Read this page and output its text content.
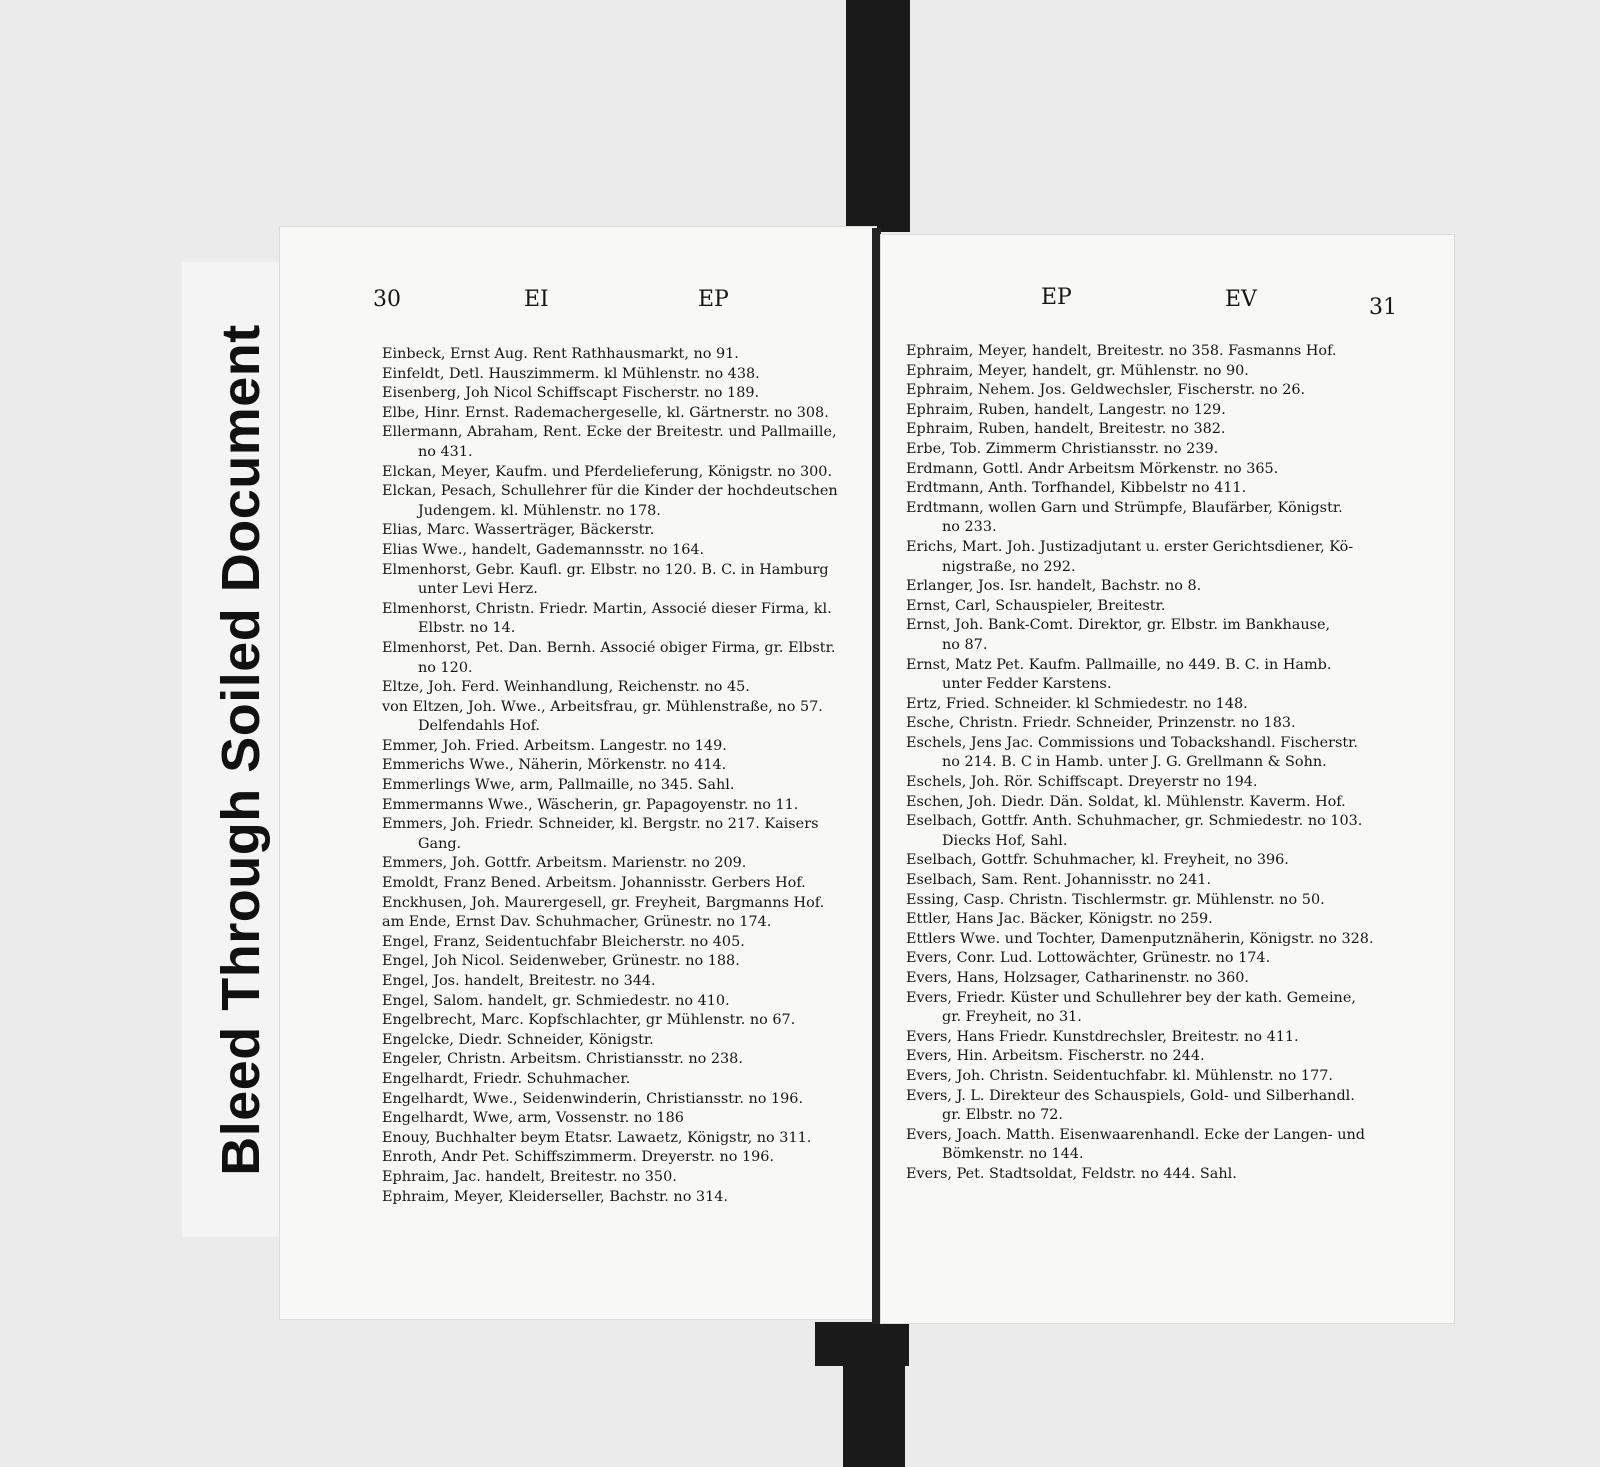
Bleed Through Soiled Document
30	EI	EP
Einbeck, Ernst Aug. Rent Rathhausmarkt, no 91.
Einfeldt, Detl. Hauszimmerm. kl Mühlenstr. no 438.
Eisenberg, Joh Nicol Schiffscapt Fischerstr. no 189.
Elbe, Hinr. Ernst. Rademachergeselle, kl. Gärtnerstr. no 308.
Ellermann, Abraham, Rent. Ecke der Breitestr. und Pallmaille,
no 431.
Elckan, Meyer, Kaufm. und Pferdelieferung, Königstr. no 300.
Elckan, Pesach, Schullehrer für die Kinder der hochdeutschen
Judengem. kl. Mühlenstr. no 178.
Elias, Marc. Wasserträger, Bäckerstr.
Elias Wwe., handelt, Gademannsstr. no 164.
Elmenhorst, Gebr. Kaufl. gr. Elbstr. no 120. B. C. in Hamburg
unter Levi Herz.
Elmenhorst, Christn. Friedr. Martin, Associé dieser Firma, kl.
Elbstr. no 14.
Elmenhorst, Pet. Dan. Bernh. Associé obiger Firma, gr. Elbstr.
no 120.
Eltze, Joh. Ferd. Weinhandlung, Reichenstr. no 45.
von Eltzen, Joh. Wwe., Arbeitsfrau, gr. Mühlenstraße, no 57.
Delfendahls Hof.
Emmer, Joh. Fried. Arbeitsm. Langestr. no 149.
Emmerichs Wwe., Näherin, Mörkenstr. no 414.
Emmerlings Wwe, arm, Pallmaille, no 345. Sahl.
Emmermanns Wwe., Wäscherin, gr. Papagoyenstr. no 11.
Emmers, Joh. Friedr. Schneider, kl. Bergstr. no 217. Kaisers
Gang.
Emmers, Joh. Gottfr. Arbeitsm. Marienstr. no 209.
Emoldt, Franz Bened. Arbeitsm. Johannisstr. Gerbers Hof.
Enckhusen, Joh. Maurergesell, gr. Freyheit, Bargmanns Hof.
am Ende, Ernst Dav. Schuhmacher, Grünestr. no 174.
Engel, Franz, Seidentuchfabr Bleicherstr. no 405.
Engel, Joh Nicol. Seidenweber, Grünestr. no 188.
Engel, Jos. handelt, Breitestr. no 344.
Engel, Salom. handelt, gr. Schmiedestr. no 410.
Engelbrecht, Marc. Kopfschlachter, gr Mühlenstr. no 67.
Engelcke, Diedr. Schneider, Königstr.
Engeler, Christn. Arbeitsm. Christiansstr. no 238.
Engelhardt, Friedr. Schuhmacher.
Engelhardt, Wwe., Seidenwinderin, Christiansstr. no 196.
Engelhardt, Wwe, arm, Vossenstr. no 186
Enouy, Buchhalter beym Etatsr. Lawaetz, Königstr, no 311.
Enroth, Andr Pet. Schiffszimmerm. Dreyerstr. no 196.
Ephraim, Jac. handelt, Breitestr. no 350.
Ephraim, Meyer, Kleiderseller, Bachstr. no 314.
EP	EV	31
Ephraim, Meyer, handelt, Breitestr. no 358. Fasmanns Hof.
Ephraim, Meyer, handelt, gr. Mühlenstr. no 90.
Ephraim, Nehem. Jos. Geldwechsler, Fischerstr. no 26.
Ephraim, Ruben, handelt, Langestr. no 129.
Ephraim, Ruben, handelt, Breitestr. no 382.
Erbe, Tob. Zimmerm Christiansstr. no 239.
Erdmann, Gottl. Andr Arbeitsm Mörkenstr. no 365.
Erdtmann, Anth. Torfhandel, Kibbelstr no 411.
Erdtmann, wollen Garn und Strümpfe, Blaufärber, Königstr.
no 233.
Erichs, Mart. Joh. Justizadjutant u. erster Gerichtsdiener, Kö-
nigstraße, no 292.
Erlanger, Jos. Isr. handelt, Bachstr. no 8.
Ernst, Carl, Schauspieler, Breitestr.
Ernst, Joh. Bank-Comt. Direktor, gr. Elbstr. im Bankhause,
no 87.
Ernst, Matz Pet. Kaufm. Pallmaille, no 449. B. C. in Hamb.
unter Fedder Karstens.
Ertz, Fried. Schneider. kl Schmiedestr. no 148.
Esche, Christn. Friedr. Schneider, Prinzenstr. no 183.
Eschels, Jens Jac. Commissions und Tobackshandl. Fischerstr.
no 214. B. C in Hamb. unter J. G. Grellmann & Sohn.
Eschels, Joh. Rör. Schiffscapt. Dreyerstr no 194.
Eschen, Joh. Diedr. Dän. Soldat, kl. Mühlenstr. Kaverm. Hof.
Eselbach, Gottfr. Anth. Schuhmacher, gr. Schmiedestr. no 103.
Diecks Hof, Sahl.
Eselbach, Gottfr. Schuhmacher, kl. Freyheit, no 396.
Eselbach, Sam. Rent. Johannisstr. no 241.
Essing, Casp. Christn. Tischlermstr. gr. Mühlenstr. no 50.
Ettler, Hans Jac. Bäcker, Königstr. no 259.
Ettlers Wwe. und Tochter, Damenputznäherin, Königstr. no 328.
Evers, Conr. Lud. Lottowächter, Grünestr. no 174.
Evers, Hans, Holzsager, Catharinenstr. no 360.
Evers, Friedr. Küster und Schullehrer bey der kath. Gemeine,
gr. Freyheit, no 31.
Evers, Hans Friedr. Kunstdrechsler, Breitestr. no 411.
Evers, Hin. Arbeitsm. Fischerstr. no 244.
Evers, Joh. Christn. Seidentuchfabr. kl. Mühlenstr. no 177.
Evers, J. L. Direkteur des Schauspiels, Gold- und Silberhandl.
gr. Elbstr. no 72.
Evers, Joach. Matth. Eisenwaarenhandl. Ecke der Langen- und
Bömkenstr. no 144.
Evers, Pet. Stadtsoldat, Feldstr. no 444. Sahl.
